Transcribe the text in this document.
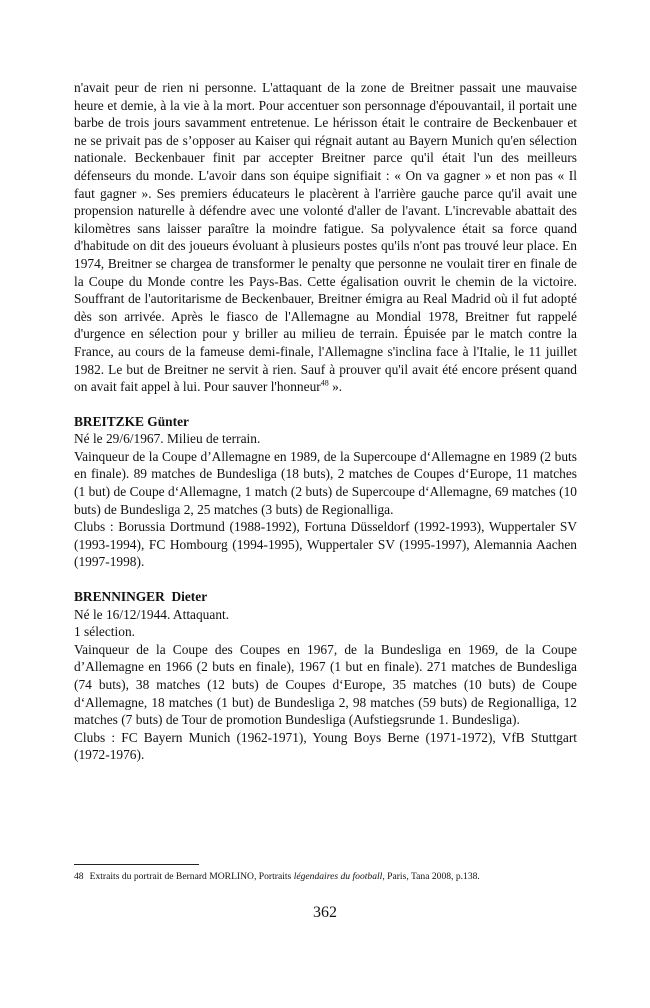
n'avait peur de rien ni personne. L'attaquant de la zone de Breitner passait une mauvaise heure et demie, à la vie à la mort. Pour accentuer son personnage d'épouvantail, il portait une barbe de trois jours savamment entretenue. Le hérisson était le contraire de Beckenbauer et ne se privait pas de s’opposer au Kaiser qui régnait autant au Bayern Munich qu'en sélection nationale. Beckenbauer finit par accepter Breitner parce qu'il était l'un des meilleurs défenseurs du monde. L'avoir dans son équipe signifiait : « On va gagner » et non pas « Il faut gagner ». Ses premiers éducateurs le placèrent à l'arrière gauche parce qu'il avait une propension naturelle à défendre avec une volonté d'aller de l'avant. L'increvable abattait des kilomètres sans laisser paraître la moindre fatigue. Sa polyvalence était sa force quand d'habitude on dit des joueurs évoluant à plusieurs postes qu'ils n'ont pas trouvé leur place. En 1974, Breitner se chargea de transformer le penalty que personne ne voulait tirer en finale de la Coupe du Monde contre les Pays-Bas. Cette égalisation ouvrit le chemin de la victoire. Souffrant de l'autoritarisme de Beckenbauer, Breitner émigra au Real Madrid où il fut adopté dès son arrivée. Après le fiasco de l'Allemagne au Mondial 1978, Breitner fut rappelé d'urgence en sélection pour y briller au milieu de terrain. Épuisée par le match contre la France, au cours de la fameuse demi-finale, l'Allemagne s'inclina face à l'Italie, le 11 juillet 1982. Le but de Breitner ne servit à rien. Sauf à prouver qu'il avait été encore présent quand on avait fait appel à lui. Pour sauver l'honneur$^{48}$ ».

BREITZKE Günter

Né le 29/6/1967. Milieu de terrain.

Vainqueur de la Coupe d’Allemagne en 1989, de la Supercoupe d‘Allemagne en 1989 (2 buts en finale). 89 matches de Bundesliga (18 buts), 2 matches de Coupes d‘Europe, 11 matches (1 but) de Coupe d‘Allemagne, 1 match (2 buts) de Supercoupe d‘Allemagne, 69 matches (10 buts) de Bundesliga 2, 25 matches (3 buts) de Regionalliga.

Clubs : Borussia Dortmund (1988-1992), Fortuna Düsseldorf (1992-1993), Wuppertaler SV (1993-1994), FC Hombourg (1994-1995), Wuppertaler SV (1995-1997), Alemannia Aachen (1997-1998).

BRENNINGER  Dieter

Né le 16/12/1944. Attaquant.

1 sélection.

Vainqueur de la Coupe des Coupes en 1967, de la Bundesliga en 1969, de la Coupe d’Allemagne en 1966 (2 buts en finale), 1967 (1 but en finale). 271 matches de Bundesliga (74 buts), 38 matches (12 buts) de Coupes d‘Europe, 35 matches (10 buts) de Coupe d‘Allemagne, 18 matches (1 but) de Bundesliga 2, 98 matches (59 buts) de Regionalliga, 12 matches (7 buts) de Tour de promotion Bundesliga (Aufstiegsrunde 1. Bundesliga).

Clubs : FC Bayern Munich (1962-1971), Young Boys Berne (1971-1972), VfB Stuttgart (1972-1976).

48 Extraits du portrait de Bernard MORLINO, Portraits légendaires du football, Paris, Tana 2008, p.138.
362
